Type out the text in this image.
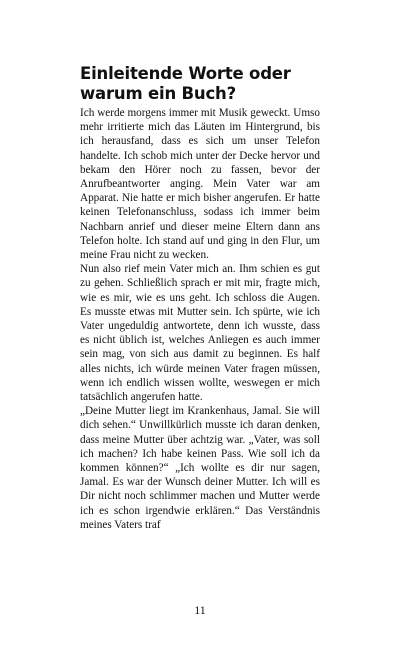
Einleitende Worte oder
warum ein Buch?

Ich werde morgens immer mit Musik geweckt. Umso mehr irritierte mich das Läuten im Hintergrund, bis ich herausfand, dass es sich um unser Telefon handelte. Ich schob mich unter der Decke hervor und bekam den Hörer noch zu fassen, bevor der Anrufbeantworter anging. Mein Vater war am Apparat. Nie hatte er mich bisher angerufen. Er hatte keinen Telefonanschluss, sodass ich immer beim Nachbarn anrief und dieser meine Eltern dann ans Telefon holte. Ich stand auf und ging in den Flur, um meine Frau nicht zu wecken.

Nun also rief mein Vater mich an. Ihm schien es gut zu gehen. Schließlich sprach er mit mir, fragte mich, wie es mir, wie es uns geht. Ich schloss die Augen. Es musste etwas mit Mutter sein. Ich spürte, wie ich Vater ungeduldig antwortete, denn ich wusste, dass es nicht üblich ist, welches Anliegen es auch immer sein mag, von sich aus damit zu beginnen. Es half alles nichts, ich würde meinen Vater fragen müssen, wenn ich endlich wissen wollte, weswegen er mich tatsächlich angerufen hatte.

„Deine Mutter liegt im Krankenhaus, Jamal. Sie will dich sehen.“ Unwillkürlich musste ich daran denken, dass meine Mutter über achtzig war. „Vater, was soll ich machen? Ich habe keinen Pass. Wie soll ich da kommen können?“ „Ich wollte es dir nur sagen, Jamal. Es war der Wunsch deiner Mutter. Ich will es Dir nicht noch schlimmer machen und Mutter werde ich es schon irgendwie erklären.“ Das Verständnis meines Vaters traf

11
